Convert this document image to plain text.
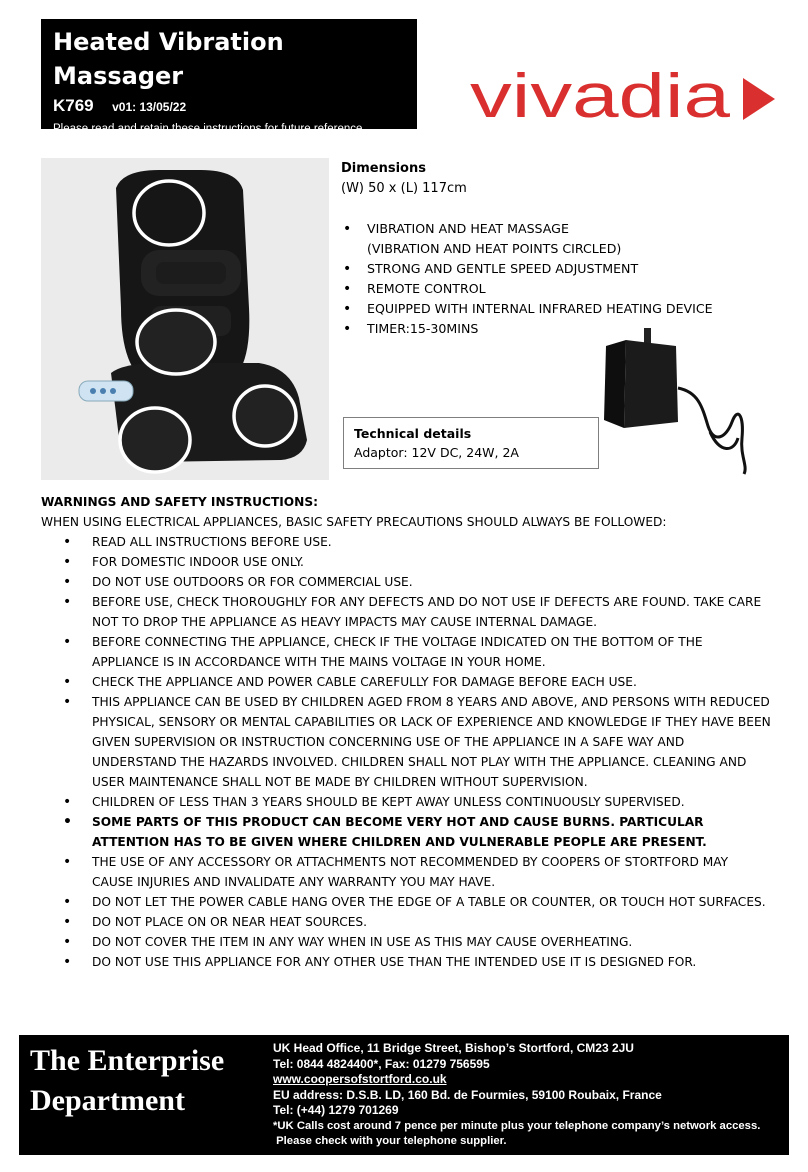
Heated Vibration Massager
K769 v01: 13/05/22
Please read and retain these instructions for future reference	vivadia
Dimensions
(W) 50 x (L) 117cm
• VIBRATION AND HEAT MASSAGE
(VIBRATION AND HEAT POINTS CIRCLED)
• STRONG AND GENTLE SPEED ADJUSTMENT
• REMOTE CONTROL
• EQUIPPED WITH INTERNAL INFRARED HEATING DEVICE
• TIMER:15-30MINS
Technical details
Adaptor: 12V DC, 24W, 2A
WARNINGS AND SAFETY INSTRUCTIONS:
WHEN USING ELECTRICAL APPLIANCES, BASIC SAFETY PRECAUTIONS SHOULD ALWAYS BE FOLLOWED:
• READ ALL INSTRUCTIONS BEFORE USE.
• FOR DOMESTIC INDOOR USE ONLY.
• DO NOT USE OUTDOORS OR FOR COMMERCIAL USE.
• BEFORE USE, CHECK THOROUGHLY FOR ANY DEFECTS AND DO NOT USE IF DEFECTS ARE FOUND. TAKE CARE NOT TO DROP THE APPLIANCE AS HEAVY IMPACTS MAY CAUSE INTERNAL DAMAGE.
• BEFORE CONNECTING THE APPLIANCE, CHECK IF THE VOLTAGE INDICATED ON THE BOTTOM OF THE APPLIANCE IS IN ACCORDANCE WITH THE MAINS VOLTAGE IN YOUR HOME.
• CHECK THE APPLIANCE AND POWER CABLE CAREFULLY FOR DAMAGE BEFORE EACH USE.
• THIS APPLIANCE CAN BE USED BY CHILDREN AGED FROM 8 YEARS AND ABOVE, AND PERSONS WITH REDUCED PHYSICAL, SENSORY OR MENTAL CAPABILITIES OR LACK OF EXPERIENCE AND KNOWLEDGE IF THEY HAVE BEEN GIVEN SUPERVISION OR INSTRUCTION CONCERNING USE OF THE APPLIANCE IN A SAFE WAY AND UNDERSTAND THE HAZARDS INVOLVED. CHILDREN SHALL NOT PLAY WITH THE APPLIANCE. CLEANING AND USER MAINTENANCE SHALL NOT BE MADE BY CHILDREN WITHOUT SUPERVISION.
• CHILDREN OF LESS THAN 3 YEARS SHOULD BE KEPT AWAY UNLESS CONTINUOUSLY SUPERVISED.
• SOME PARTS OF THIS PRODUCT CAN BECOME VERY HOT AND CAUSE BURNS. PARTICULAR ATTENTION HAS TO BE GIVEN WHERE CHILDREN AND VULNERABLE PEOPLE ARE PRESENT.
• THE USE OF ANY ACCESSORY OR ATTACHMENTS NOT RECOMMENDED BY COOPERS OF STORTFORD MAY CAUSE INJURIES AND INVALIDATE ANY WARRANTY YOU MAY HAVE.
• DO NOT LET THE POWER CABLE HANG OVER THE EDGE OF A TABLE OR COUNTER, OR TOUCH HOT SURFACES.
• DO NOT PLACE ON OR NEAR HEAT SOURCES.
• DO NOT COVER THE ITEM IN ANY WAY WHEN IN USE AS THIS MAY CAUSE OVERHEATING.
• DO NOT USE THIS APPLIANCE FOR ANY OTHER USE THAN THE INTENDED USE IT IS DESIGNED FOR.
The Enterprise
Department
UK Head Office, 11 Bridge Street, Bishop’s Stortford, CM23 2JU
Tel: 0844 4824400*, Fax: 01279 756595
www.coopersofstortford.co.uk
EU address: D.S.B. LD, 160 Bd. de Fourmies, 59100 Roubaix, France
Tel: (+44) 1279 701269
*UK Calls cost around 7 pence per minute plus your telephone company’s network access.
Please check with your telephone supplier.
